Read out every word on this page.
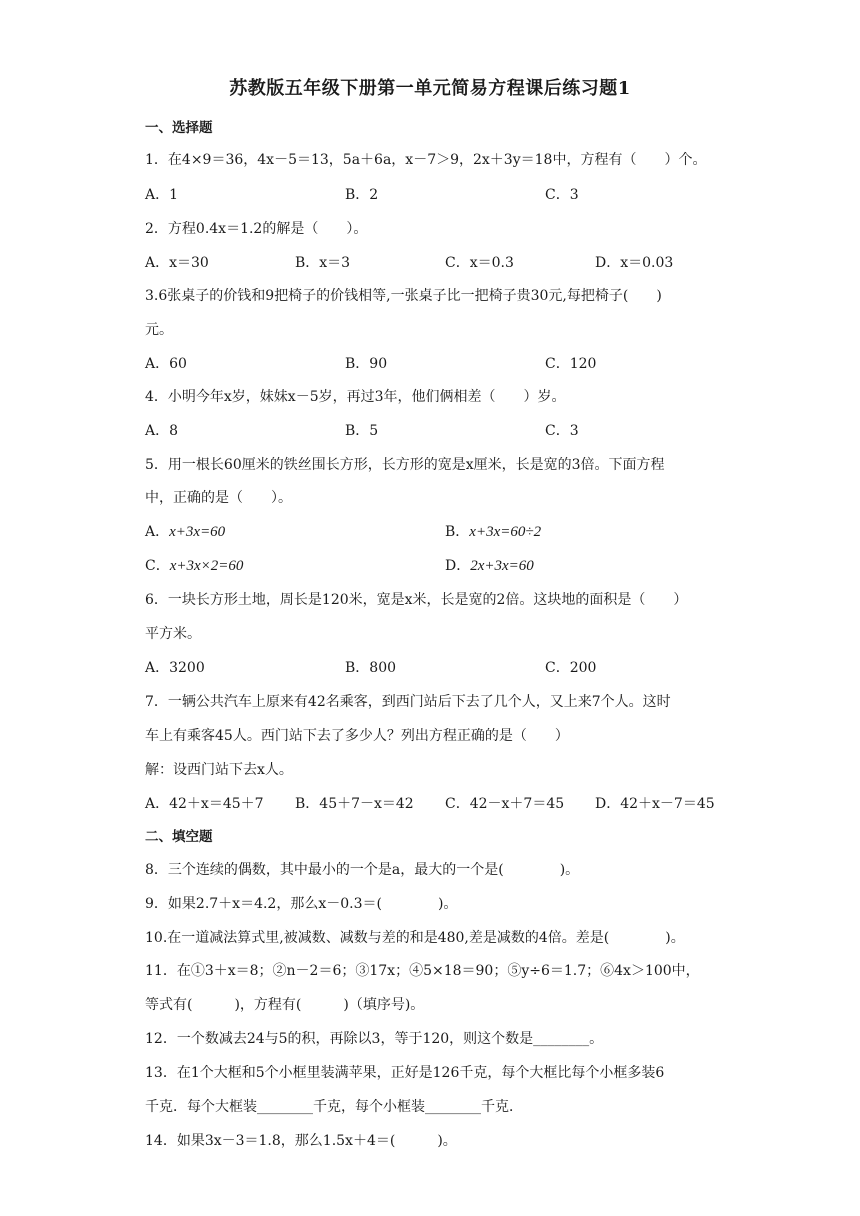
苏教版五年级下册第一单元简易方程课后练习题1
一、选择题
1．在4×9＝36，4x－5＝13，5a＋6a，x－7＞9，2x＋3y＝18中，方程有（　　）个。
A．1	B．2	C．3
2．方程0.4x＝1.2的解是（　　）。
A．x＝30	B．x＝3	C．x＝0.3	D．x＝0.03
3.6张桌子的价钱和9把椅子的价钱相等,一张桌子比一把椅子贵30元,每把椅子(　　)
元。
A．60	B．90	C．120
4．小明今年x岁，妹妹x－5岁，再过3年，他们俩相差（　　）岁。
A．8	B．5	C．3
5．用一根长60厘米的铁丝围长方形，长方形的宽是x厘米，长是宽的3倍。下面方程
中，正确的是（　　）。
A．x+3x=60	B．x+3x=60÷2
C．x+3x×2=60	D．2x+3x=60
6．一块长方形土地，周长是120米，宽是x米，长是宽的2倍。这块地的面积是（　　）
平方米。
A．3200	B．800	C．200
7．一辆公共汽车上原来有42名乘客，到西门站后下去了几个人，又上来7个人。这时
车上有乘客45人。西门站下去了多少人？列出方程正确的是（　　）
解：设西门站下去x人。
A．42＋x＝45＋7 B．45＋7－x＝42 C．42－x＋7＝45 D．42＋x－7＝45
二、填空题
8．三个连续的偶数，其中最小的一个是a，最大的一个是(　　　　)。
9．如果2.7＋x＝4.2，那么x－0.3＝(　　　　)。
10.在一道减法算式里,被减数、减数与差的和是480,差是减数的4倍。差是(　　　　)。
11．在①3＋x＝8；②n－2＝6；③17x；④5×18＝90；⑤y÷6＝1.7；⑥4x＞100中，
等式有(　　　)，方程有(　　　)（填序号)。
12．一个数减去24与5的积，再除以3，等于120，则这个数是________。
13．在1个大框和5个小框里装满苹果，正好是126千克，每个大框比每个小框多装6
千克．每个大框装________千克，每个小框装________千克．
14．如果3x－3＝1.8，那么1.5x＋4＝(　　　)。
